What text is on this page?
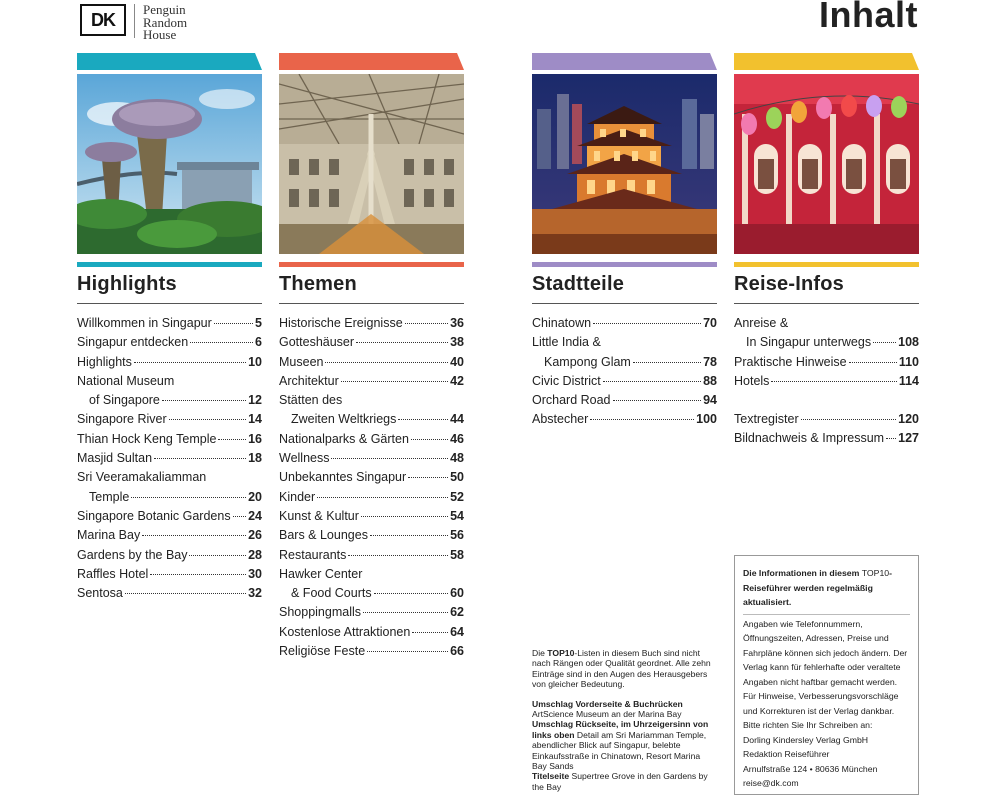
DK	Penguin
Random
House	Inhalt
Highlights
Willkommen in Singapur	5
Singapur entdecken	6
Highlights	10
National Museum
of Singapore	12
Singapore River	14
Thian Hock Keng Temple	16
Masjid Sultan	18
Sri Veeramakaliamman
Temple	20
Singapore Botanic Gardens 24
Marina Bay	26
Gardens by the Bay	28
Raffles Hotel	30
Sentosa	32
Themen
Historische Ereignisse	36
Gotteshäuser	38
Museen	40
Architektur	42
Stätten des
Zweiten Weltkriegs	44
Nationalparks & Gärten	46
Wellness	48
Unbekanntes Singapur	50
Kinder	52
Kunst & Kultur	54
Bars & Lounges	56
Restaurants	58
Hawker Center
& Food Courts	60
Shoppingmalls	62
Kostenlose Attraktionen	64
Religiöse Feste	66
Stadtteile
Chinatown	70
Little India &
Kampong Glam	78
Civic District	88
Orchard Road	94
Abstecher	100
Reise-Infos
Anreise &
In Singapur unterwegs 108
Praktische Hinweise	110
Hotels	114
Textregister	120
Bildnachweis & Impressum 127

Die TOP10-Listen in diesem Buch sind nicht nach Rängen oder Qualität geordnet. Alle zehn Einträge sind in den Augen des Herausgebers von gleicher Bedeutung.

Umschlag Vorderseite & Buchrücken
ArtScience Museum an der Marina Bay

Umschlag Rückseite, im Uhrzeigersinn von links oben Detail am Sri Mariamman Temple, abendlicher Blick auf Singapur, belebte Einkaufsstraße in Chinatown, Resort Marina Bay Sands

Titelseite Supertree Grove in den Gardens by the Bay

Die Informationen in diesem TOP10-Reiseführer werden regelmäßig aktualisiert.
Angaben wie Telefonnummern, Öffnungszeiten, Adressen, Preise und Fahrpläne können sich jedoch ändern. Der Verlag kann für fehlerhafte oder veraltete Angaben nicht haftbar gemacht werden. Für Hinweise, Verbesserungsvorschläge und Korrekturen ist der Verlag dankbar. Bitte richten Sie Ihr Schreiben an:
Dorling Kindersley Verlag GmbH
Redaktion Reiseführer
Arnulfstraße 124 • 80636 München
reise@dk.com
